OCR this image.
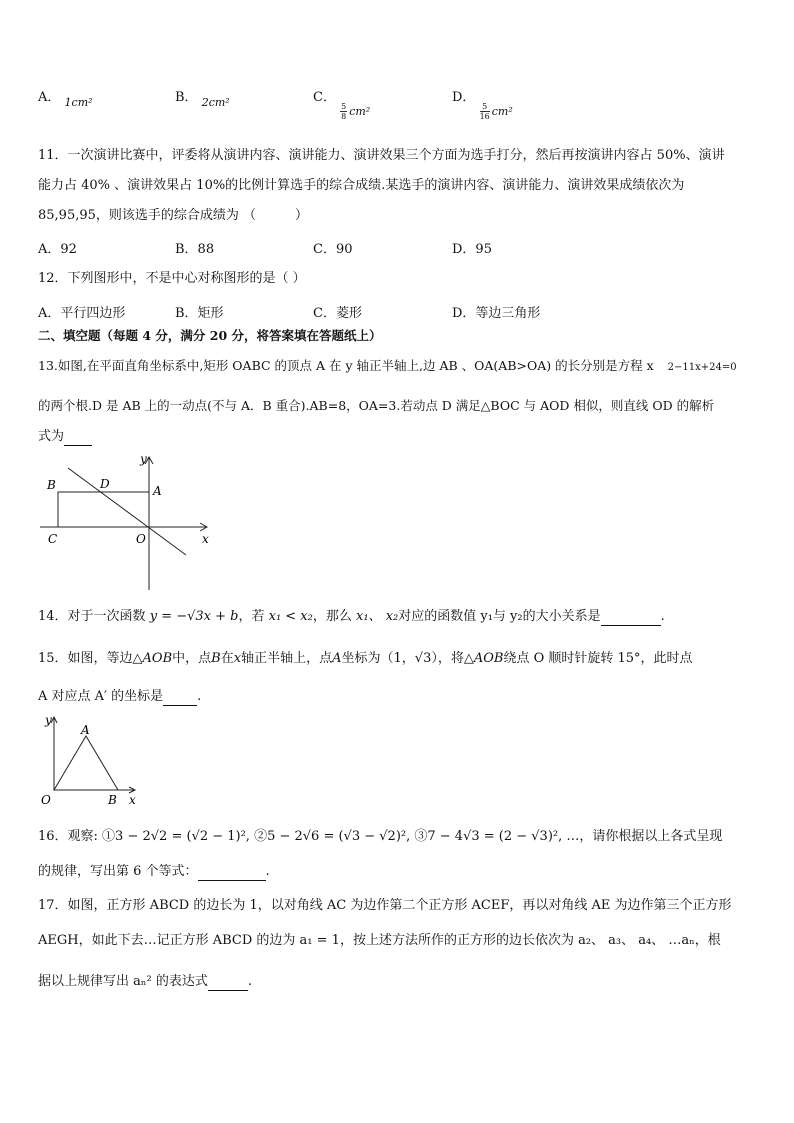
A． $_{1cm^2}$	B． $_{2cm^2}$	C．
$\frac{5}{8} _{cm^2}$
D．
$\frac{5}{16} _{cm^2}$
11．一次演讲比赛中，评委将从演讲内容、演讲能力、演讲效果三个方面为选手打分，然后再按演讲内容占 50%、演讲
能力占 40% 、演讲效果占 10%的比例计算选手的综合成绩.某选手的演讲内容、演讲能力、演讲效果成绩依次为
85,95,95，则该选手的综合成绩为 （　　　）
A．92	B．88	C．90	D．95
12．下列图形中，不是中心对称图形的是（ ）
A．平行四边形	B．矩形	C．菱形	D．等边三角形
二、填空题（每题 4 分，满分 20 分，将答案填在答题纸上）
13.如图,在平面直角坐标系中,矩形 OABC 的顶点 A 在 y 轴正半轴上,边 AB 、OA(AB>OA) 的长分别是方程 x 2−11x+24=0
的两个根.D 是 AB 上的一动点(不与 A．B 重合).AB=8，OA=3.若动点 D 满足△BOC 与 AOD 相似，则直线 OD 的解析
式为
B	D	A
C	O	x
y
14．对于一次函数 y = −√3x + b，若 x₁ < x₂，那么 x₁、 x₂对应的函数值 y₁与 y₂的大小关系是	.
15．如图，等边△AOB中，点B在x轴正半轴上，点A坐标为（1，√3），将△AOB绕点 O 顺时针旋转 15°，此时点
A 对应点 A′ 的坐标是	.
y
A
O	B x
16．观察: ①3 − 2√2 = (√2 − 1)², ②5 − 2√6 = (√3 − √2)², ③7 − 4√3 = (2 − √3)², …，请你根据以上各式呈现
的规律，写出第 6 个等式：	.
17．如图，正方形 ABCD 的边长为 1，以对角线 AC 为边作第二个正方形 ACEF，再以对角线 AE 为边作第三个正方形
AEGH，如此下去…记正方形 ABCD 的边为 a₁ = 1，按上述方法所作的正方形的边长依次为 a₂、 a₃、 a₄、 …aₙ，根
据以上规律写出 aₙ² 的表达式	.
